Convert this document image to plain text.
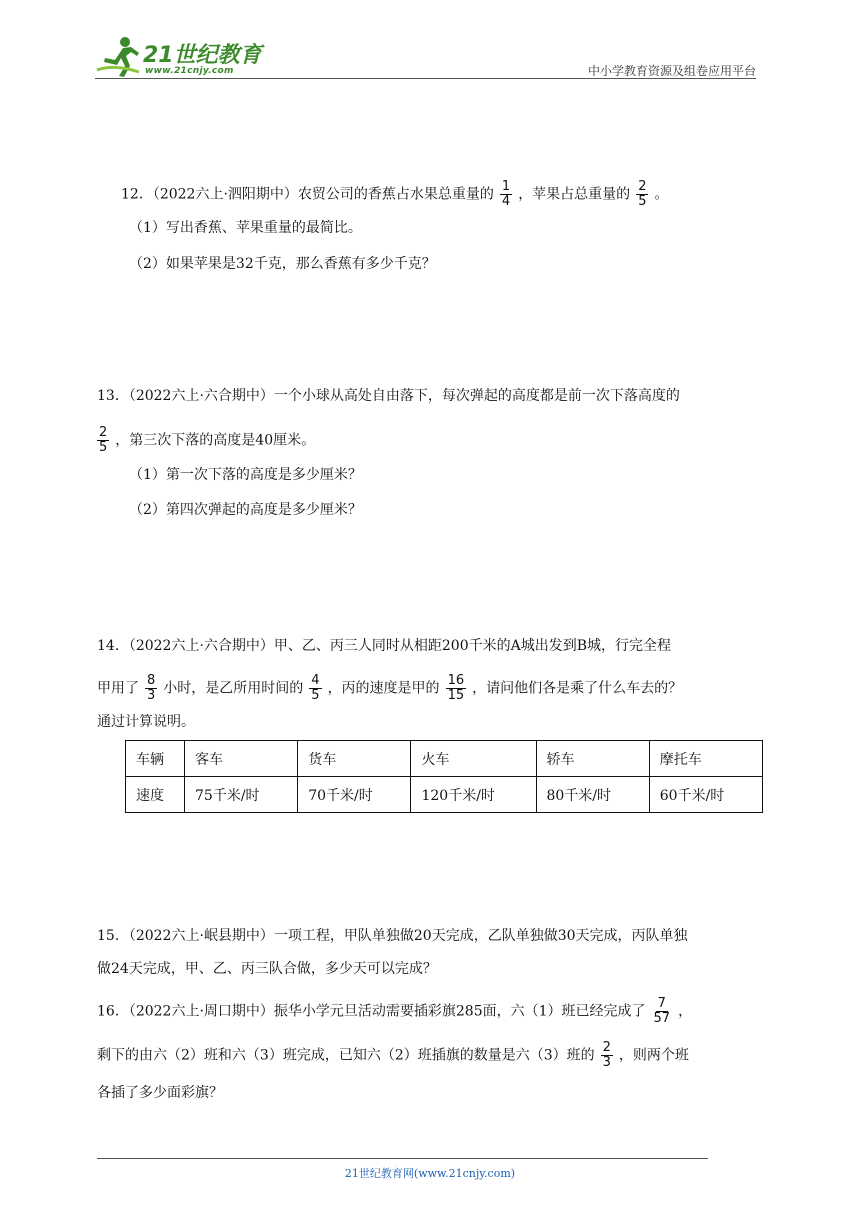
21世纪教育
www.21cnjy.com	中小学教育资源及组卷应用平台
12．（2022六上·泗阳期中）农贸公司的香蕉占水果总重量的 $\frac{1}{4}$ ，苹果占总重量的 $\frac{2}{5}$ 。
（1）写出香蕉、苹果重量的最简比。
（2）如果苹果是32千克，那么香蕉有多少千克？
13．（2022六上·六合期中）一个小球从高处自由落下，每次弹起的高度都是前一次下落高度的
$\frac{2}{5}$ ，第三次下落的高度是40厘米。
（1）第一次下落的高度是多少厘米？
（2）第四次弹起的高度是多少厘米？
14．（2022六上·六合期中）甲、乙、丙三人同时从相距200千米的A城出发到B城，行完全程
甲用了 $\frac{8}{3}$ 小时，是乙所用时间的 $\frac{4}{5}$ ，丙的速度是甲的 $\frac{16}{15}$ ，请问他们各是乘了什么车去的？
通过计算说明。
车辆	客车	货车	火车	轿车	摩托车
速度	75千米/时	70千米/时	120千米/时	80千米/时	60千米/时
15．（2022六上·岷县期中）一项工程，甲队单独做20天完成，乙队单独做30天完成，丙队单独
做24天完成，甲、乙、丙三队合做，多少天可以完成？
16．（2022六上·周口期中）振华小学元旦活动需要插彩旗285面，六（1）班已经完成了 $\frac{7}{57}$ ，
剩下的由六（2）班和六（3）班完成，已知六（2）班插旗的数量是六（3）班的 $\frac{2}{3}$ ，则两个班
各插了多少面彩旗？
21世纪教育网(www.21cnjy.com)
